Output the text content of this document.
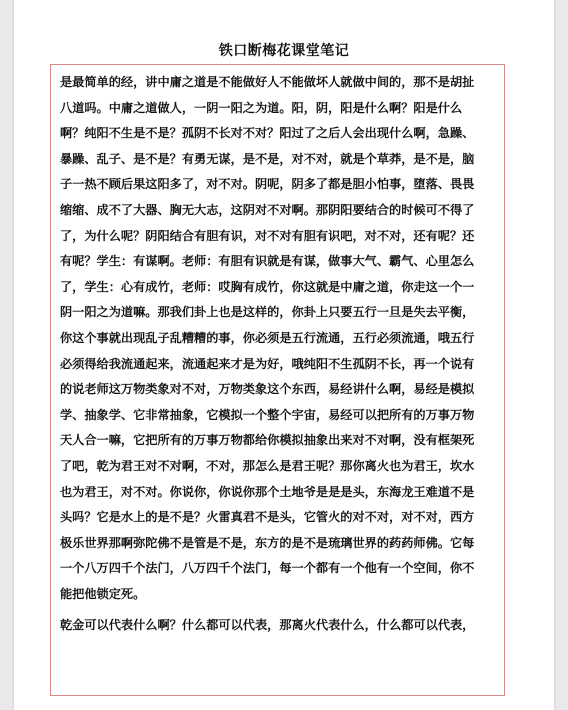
铁口断梅花课堂笔记
是最简单的经，讲中庸之道是不能做好人不能做坏人就做中间的，那不是胡扯
八道吗。中庸之道做人，一阴一阳之为道。阳，阴，阳是什么啊？阳是什么
啊？纯阳不生是不是？孤阴不长对不对？阳过了之后人会出现什么啊，急躁、
暴躁、乱子、是不是？有勇无谋，是不是，对不对，就是个草莽，是不是，脑
子一热不顾后果这阳多了，对不对。阴呢，阴多了都是胆小怕事，堕落、畏畏
缩缩、成不了大器、胸无大志，这阴对不对啊。那阴阳要结合的时候可不得了
了，为什么呢？阴阳结合有胆有识，对不对有胆有识吧，对不对，还有呢？还
有呢？学生：有谋啊。老师：有胆有识就是有谋，做事大气、霸气、心里怎么
了，学生：心有成竹，老师：哎胸有成竹，你这就是中庸之道，你走这一个一
阴一阳之为道嘛。那我们卦上也是这样的，你卦上只要五行一旦是失去平衡，
你这个事就出现乱子乱糟糟的事，你必须是五行流通，五行必须流通，哦五行
必须得给我流通起来，流通起来才是为好，哦纯阳不生孤阴不长，再一个说有
的说老师这万物类象对不对，万物类象这个东西，易经讲什么啊，易经是模拟
学、抽象学、它非常抽象，它模拟一个整个宇宙，易经可以把所有的万事万物
天人合一嘛，它把所有的万事万物都给你模拟抽象出来对不对啊，没有框架死
了吧，乾为君王对不对啊，不对，那怎么是君王呢？那你离火也为君王，坎水
也为君王，对不对。你说你，你说你那个土地爷是是是头，东海龙王难道不是
头吗？它是水上的是不是？火雷真君不是头，它管火的对不对，对不对，西方
极乐世界那啊弥陀佛不是管是不是，东方的是不是琉璃世界的药药师佛。它每
一个八万四千个法门，八万四千个法门，每一个都有一个他有一个空间，你不
能把他锁定死。
乾金可以代表什么啊？什么都可以代表，那离火代表什么，什么都可以代表，
